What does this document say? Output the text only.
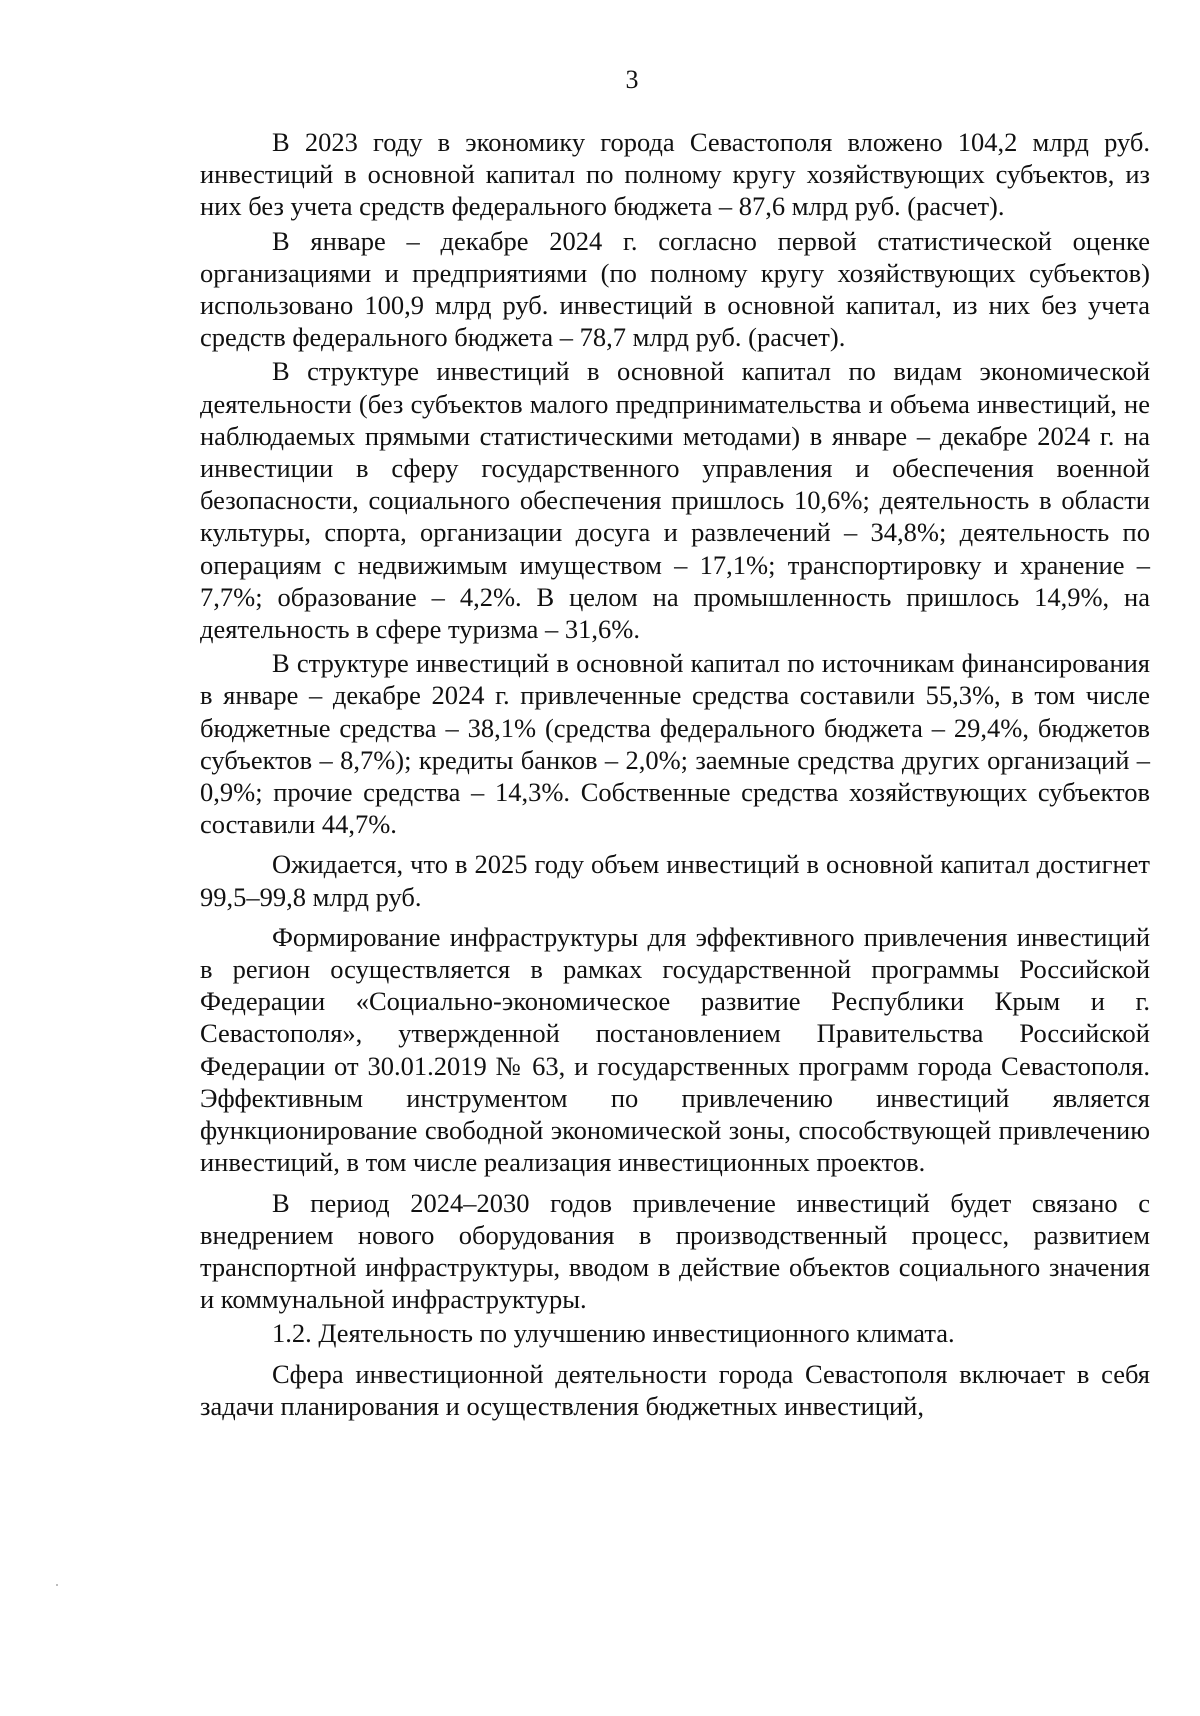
3

В 2023 году в экономику города Севастополя вложено 104,2 млрд руб. инвестиций в основной капитал по полному кругу хозяйствующих субъектов, из них без учета средств федерального бюджета – 87,6 млрд руб. (расчет).

В январе – декабре 2024 г. согласно первой статистической оценке организациями и предприятиями (по полному кругу хозяйствующих субъектов) использовано 100,9 млрд руб. инвестиций в основной капитал, из них без учета средств федерального бюджета – 78,7 млрд руб. (расчет).

В структуре инвестиций в основной капитал по видам экономической деятельности (без субъектов малого предпринимательства и объема инвестиций, не наблюдаемых прямыми статистическими методами) в январе – декабре 2024 г. на инвестиции в сферу государственного управления и обеспечения военной безопасности, социального обеспечения пришлось 10,6%; деятельность в области культуры, спорта, организации досуга и развлечений – 34,8%; деятельность по операциям с недвижимым имуществом – 17,1%; транспортировку и хранение – 7,7%; образование – 4,2%. В целом на промышленность пришлось 14,9%, на деятельность в сфере туризма – 31,6%.

В структуре инвестиций в основной капитал по источникам финансирования в январе – декабре 2024 г. привлеченные средства составили 55,3%, в том числе бюджетные средства – 38,1% (средства федерального бюджета – 29,4%, бюджетов субъектов – 8,7%); кредиты банков – 2,0%; заемные средства других организаций – 0,9%; прочие средства – 14,3%. Собственные средства хозяйствующих субъектов составили 44,7%.

Ожидается, что в 2025 году объем инвестиций в основной капитал достигнет 99,5–99,8 млрд руб.

Формирование инфраструктуры для эффективного привлечения инвестиций в регион осуществляется в рамках государственной программы Российской Федерации «Социально-экономическое развитие Республики Крым и г. Севастополя», утвержденной постановлением Правительства Российской Федерации от 30.01.2019 № 63, и государственных программ города Севастополя. Эффективным инструментом по привлечению инвестиций является функционирование свободной экономической зоны, способствующей привлечению инвестиций, в том числе реализация инвестиционных проектов.

В период 2024–2030 годов привлечение инвестиций будет связано с внедрением нового оборудования в производственный процесс, развитием транспортной инфраструктуры, вводом в действие объектов социального значения и коммунальной инфраструктуры.

1.2. Деятельность по улучшению инвестиционного климата.

Сфера инвестиционной деятельности города Севастополя включает в себя задачи планирования и осуществления бюджетных инвестиций,
